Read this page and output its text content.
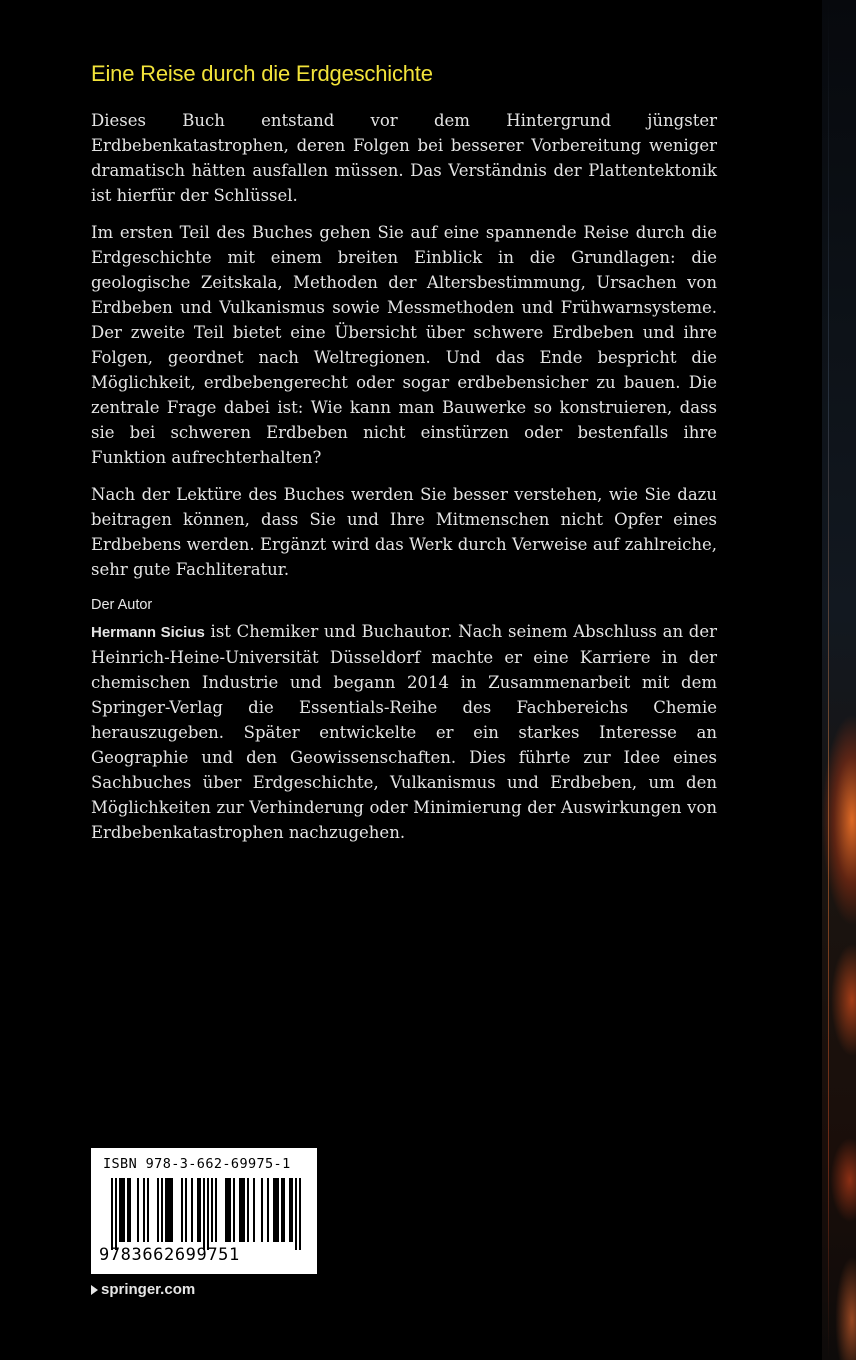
Eine Reise durch die Erdgeschichte

Dieses Buch entstand vor dem Hintergrund jüngster Erdbebenkatastrophen, deren Folgen bei besserer Vorbereitung weniger dramatisch hätten ausfallen müssen. Das Verständnis der Plattentektonik ist hierfür der Schlüssel.

Im ersten Teil des Buches gehen Sie auf eine spannende Reise durch die Erdgeschichte mit einem breiten Einblick in die Grundlagen: die geologische Zeitskala, Methoden der Altersbestimmung, Ursachen von Erdbeben und Vulkanismus sowie Messmethoden und Frühwarnsysteme. Der zweite Teil bietet eine Übersicht über schwere Erdbeben und ihre Folgen, geordnet nach Weltregionen. Und das Ende bespricht die Möglichkeit, erdbebengerecht oder sogar erdbebensicher zu bauen. Die zentrale Frage dabei ist: Wie kann man Bauwerke so konstruieren, dass sie bei schweren Erdbeben nicht einstürzen oder bestenfalls ihre Funktion aufrechterhalten?

Nach der Lektüre des Buches werden Sie besser verstehen, wie Sie dazu beitragen können, dass Sie und Ihre Mitmenschen nicht Opfer eines Erdbebens werden. Ergänzt wird das Werk durch Verweise auf zahlreiche, sehr gute Fachliteratur.

Der Autor

Hermann Sicius ist Chemiker und Buchautor. Nach seinem Abschluss an der Heinrich-Heine-Universität Düsseldorf machte er eine Karriere in der chemischen Industrie und begann 2014 in Zusammenarbeit mit dem Springer-Verlag die Essentials-Reihe des Fachbereichs Chemie herauszugeben. Später entwickelte er ein starkes Interesse an Geographie und den Geowissenschaften. Dies führte zur Idee eines Sachbuches über Erdgeschichte, Vulkanismus und Erdbeben, um den Möglichkeiten zur Verhinderung oder Minimierung der Auswirkungen von Erdbebenkatastrophen nachzugehen.

ISBN 978-3-662-69975-1
9783662699751
springer.com
